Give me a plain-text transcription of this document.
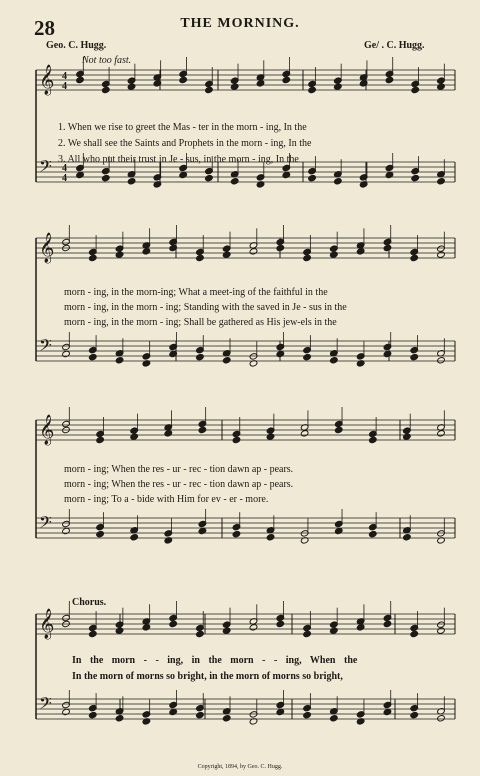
28	THE MORNING.
Geo. C. Hugg.	Ge/ . C. Hugg.
Not too fast.
𝄞
𝄢
𝄞
𝄢
𝄞
𝄢
𝄞
𝄢
4
4
4
4
1. When we rise to greet the Mas - ter in the morn - ing, In the
2. We shall see the Saints and Prophets in the morn - ing, In the
3. All who put their trust in Je - sus, in the morn - ing, In the
morn - ing, in the morn-ing; What a meet-ing of the faithful in the
morn - ing, in the morn - ing; Standing with the saved in Je - sus in the
morn - ing, in the morn - ing; Shall be gathered as His jew-els in the
morn - ing; When the res - ur - rec - tion dawn ap - pears.
morn - ing; When the res - ur - rec - tion dawn ap - pears.
morn - ing; To a - bide with Him for ev - er - more.
Chorus.
In the morn - - ing, in the morn - - ing, When the
In the morn of morns so bright, in the morn of morns so bright,
Copyright, 1894, by Geo. C. Hugg.
